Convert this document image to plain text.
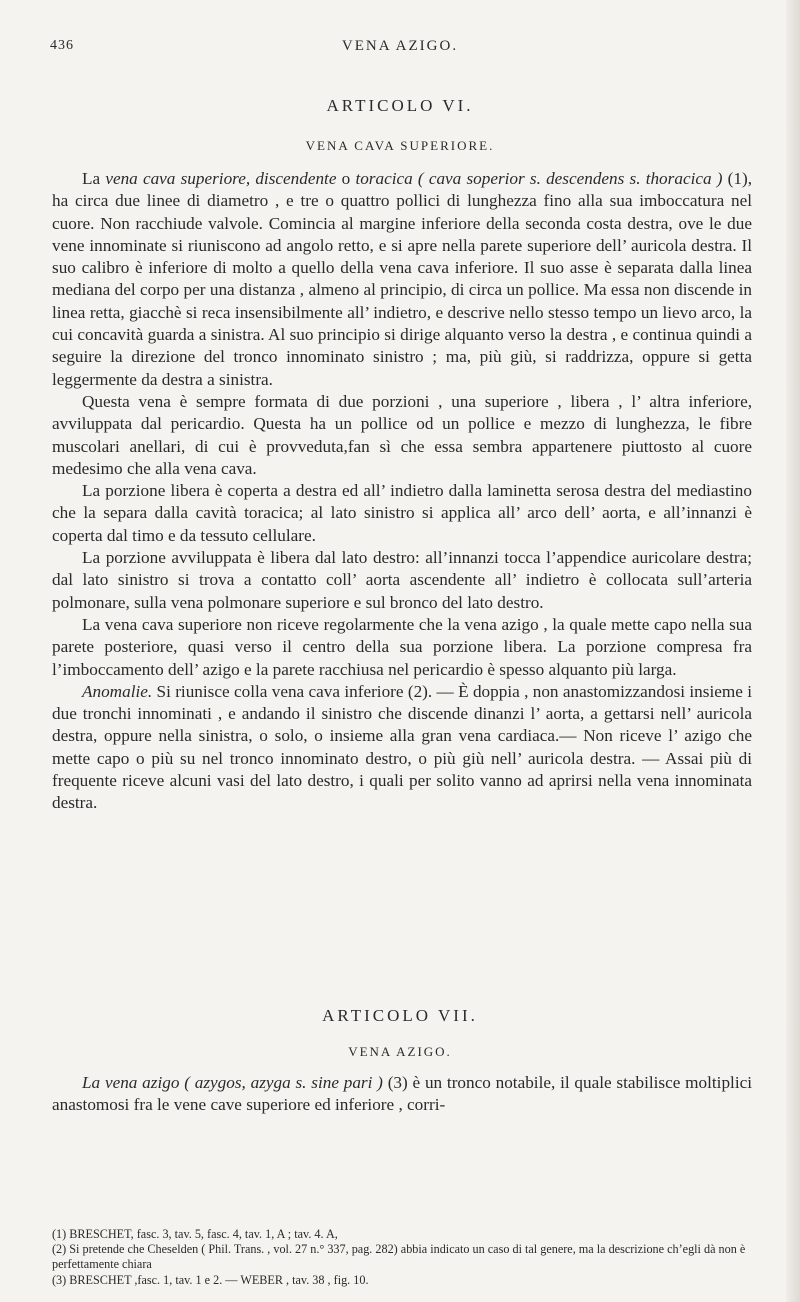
436	VENA AZIGO.
ARTICOLO VI.
VENA CAVA SUPERIORE.

La vena cava superiore, discendente o toracica ( cava soperior s. descendens s. thoracica ) (1), ha circa due linee di diametro , e tre o quattro pollici di lunghezza fino alla sua imboccatura nel cuore. Non racchiude valvole. Comincia al margine inferiore della seconda costa destra, ove le due vene innominate si riuniscono ad angolo retto, e si apre nella parete superiore dell’ auricola destra. Il suo calibro è inferiore di molto a quello della vena cava inferiore. Il suo asse è separata dalla linea mediana del corpo per una distanza , almeno al principio, di circa un pollice. Ma essa non discende in linea retta, giacchè si reca insensibilmente all’ indietro, e descrive nello stesso tempo un lievo arco, la cui concavità guarda a sinistra. Al suo principio si dirige alquanto verso la destra , e continua quindi a seguire la direzione del tronco innominato sinistro ; ma, più giù, si raddrizza, oppure si getta leggermente da destra a sinistra.

Questa vena è sempre formata di due porzioni , una superiore , libera , l’ altra inferiore, avviluppata dal pericardio. Questa ha un pollice od un pollice e mezzo di lunghezza, le fibre muscolari anellari, di cui è provveduta,fan sì che essa sembra appartenere piuttosto al cuore medesimo che alla vena cava.

La porzione libera è coperta a destra ed all’ indietro dalla laminetta serosa destra del mediastino che la separa dalla cavità toracica; al lato sinistro si applica all’ arco dell’ aorta, e all’innanzi è coperta dal timo e da tessuto cellulare.

La porzione avviluppata è libera dal lato destro: all’innanzi tocca l’appendice auricolare destra; dal lato sinistro si trova a contatto coll’ aorta ascendente all’ indietro è collocata sull’arteria polmonare, sulla vena polmonare superiore e sul bronco del lato destro.

La vena cava superiore non riceve regolarmente che la vena azigo , la quale mette capo nella sua parete posteriore, quasi verso il centro della sua porzione libera. La porzione compresa fra l’imboccamento dell’ azigo e la parete racchiusa nel pericardio è spesso alquanto più larga.

Anomalie. Si riunisce colla vena cava inferiore (2). — È doppia , non anastomizzandosi insieme i due tronchi innominati , e andando il sinistro che discende dinanzi l’ aorta, a gettarsi nell’ auricola destra, oppure nella sinistra, o solo, o insieme alla gran vena cardiaca.— Non riceve l’ azigo che mette capo o più su nel tronco innominato destro, o più giù nell’ auricola destra. — Assai più di frequente riceve alcuni vasi del lato destro, i quali per solito vanno ad aprirsi nella vena innominata destra.

ARTICOLO VII.
VENA AZIGO.

La vena azigo ( azygos, azyga s. sine pari ) (3) è un tronco notabile, il quale stabilisce moltiplici anastomosi fra le vene cave superiore ed inferiore , corri-

(1) BRESCHET, fasc. 3, tav. 5, fasc. 4, tav. 1, A ; tav. 4. A,
(2) Si pretende che Cheselden ( Phil. Trans. , vol. 27 n.° 337, pag. 282) abbia indicato un caso di tal genere, ma la descrizione ch’egli dà non è perfettamente chiara
(3) BRESCHET ,fasc. 1, tav. 1 e 2. — WEBER , tav. 38 , fig. 10.
